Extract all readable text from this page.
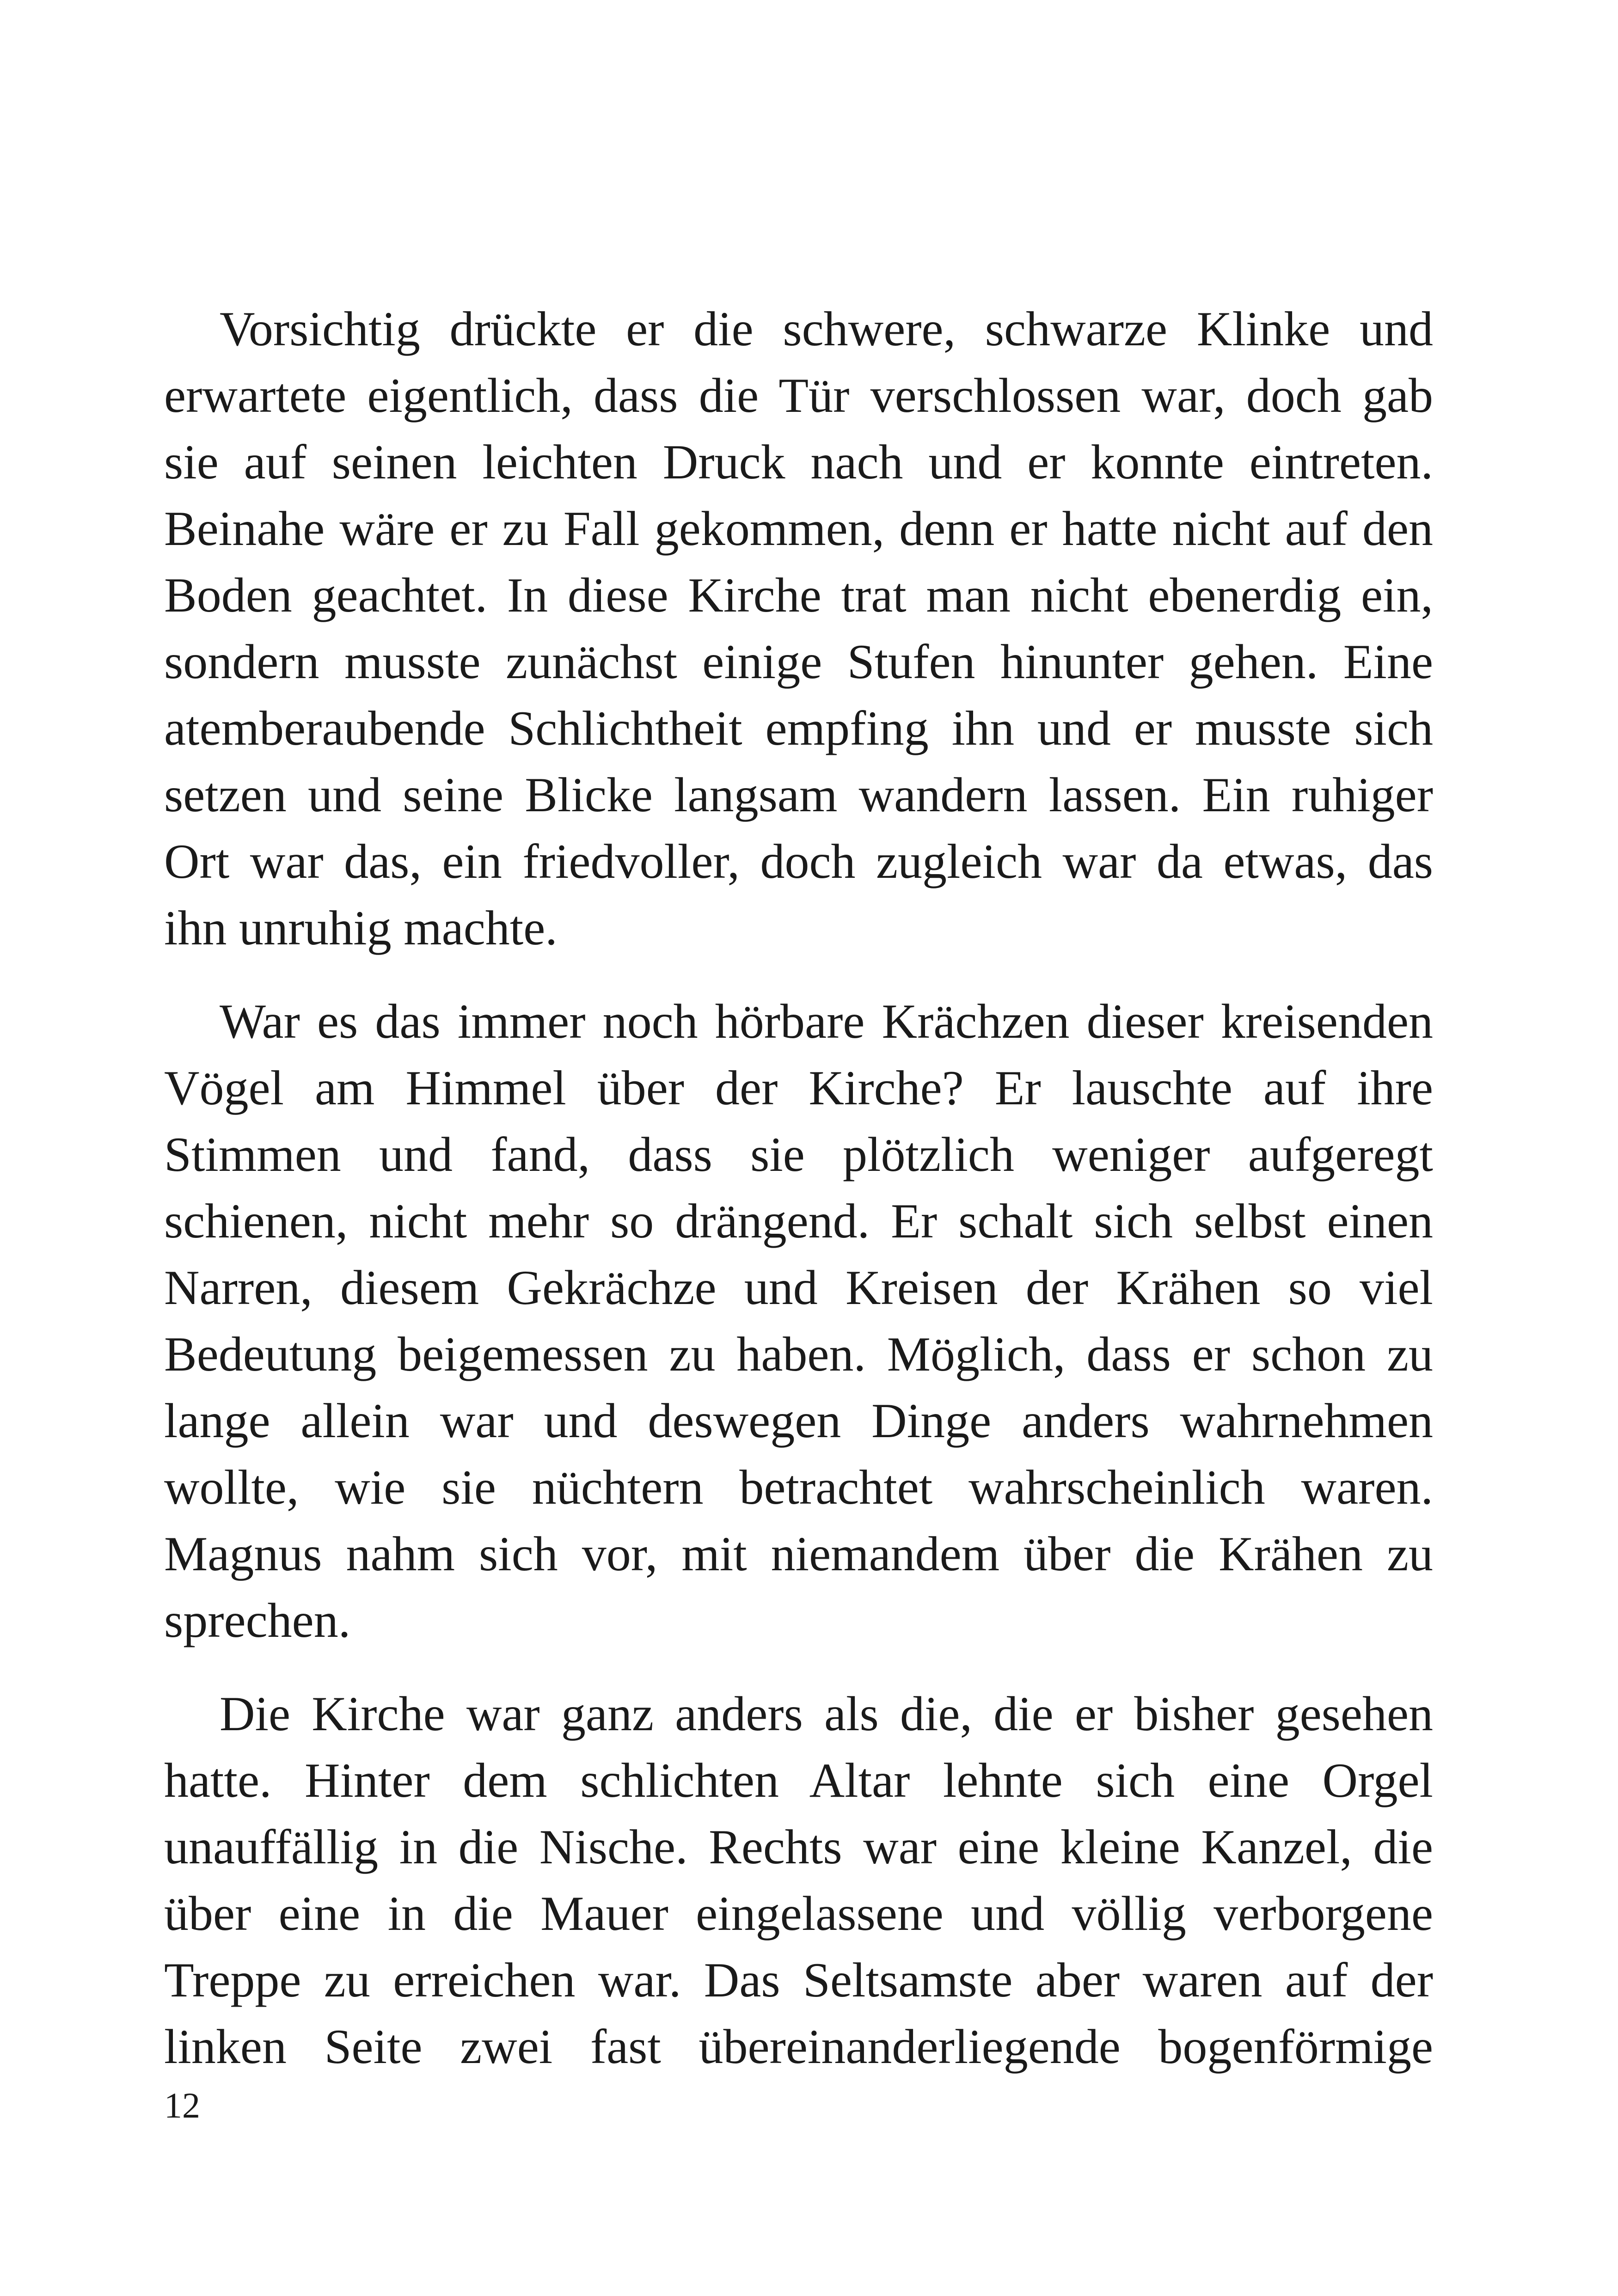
Vorsichtig drückte er die schwere, schwarze Klinke und
erwartete eigentlich, dass die Tür verschlossen war, doch gab
sie auf seinen leichten Druck nach und er konnte eintreten.
Beinahe wäre er zu Fall gekommen, denn er hatte nicht auf den
Boden geachtet. In diese Kirche trat man nicht ebenerdig ein,
sondern musste zunächst einige Stufen hinunter gehen. Eine
atemberaubende Schlichtheit empfing ihn und er musste sich
setzen und seine Blicke langsam wandern lassen. Ein ruhiger
Ort war das, ein friedvoller, doch zugleich war da etwas, das
ihn unruhig machte.
War es das immer noch hörbare Krächzen dieser kreisenden
Vögel am Himmel über der Kirche? Er lauschte auf ihre
Stimmen und fand, dass sie plötzlich weniger aufgeregt
schienen, nicht mehr so drängend. Er schalt sich selbst einen
Narren, diesem Gekrächze und Kreisen der Krähen so viel
Bedeutung beigemessen zu haben. Möglich, dass er schon zu
lange allein war und deswegen Dinge anders wahrnehmen
wollte, wie sie nüchtern betrachtet wahrscheinlich waren.
Magnus nahm sich vor, mit niemandem über die Krähen zu
sprechen.
Die Kirche war ganz anders als die, die er bisher gesehen
hatte. Hinter dem schlichten Altar lehnte sich eine Orgel
unauffällig in die Nische. Rechts war eine kleine Kanzel, die
über eine in die Mauer eingelassene und völlig verborgene
Treppe zu erreichen war. Das Seltsamste aber waren auf der
linken Seite zwei fast übereinanderliegende bogenförmige
12
